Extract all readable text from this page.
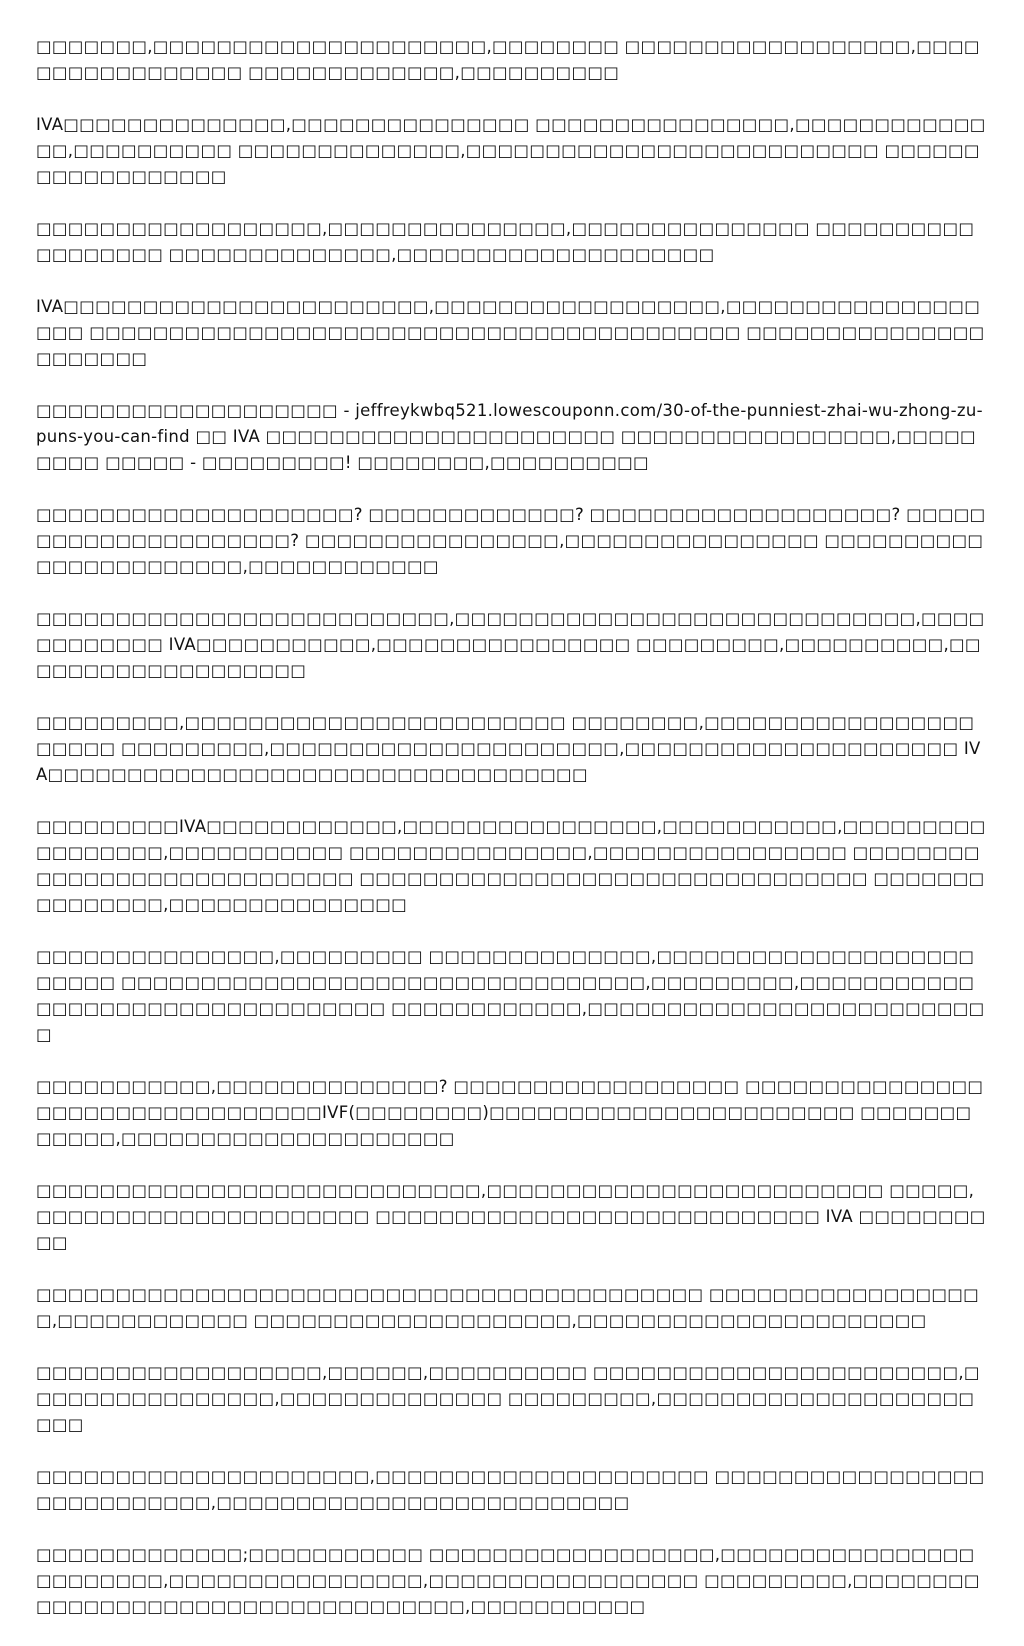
□□□□□□□,□□□□□□□□□□□□□□□□□□□□□,□□□□□□□□ □□□□□□□□□□□□□□□□□□,□□□□□□□□□□□□□□□□□ □□□□□□□□□□□□□,□□□□□□□□□□

IVA□□□□□□□□□□□□□□,□□□□□□□□□□□□□□□ □□□□□□□□□□□□□□□□,□□□□□□□□□□□□□□,□□□□□□□□□□ □□□□□□□□□□□□□□,□□□□□□□□□□□□□□□□□□□□□□□□□□ □□□□□□□□□□□□□□□□□□

□□□□□□□□□□□□□□□□□□,□□□□□□□□□□□□□□□,□□□□□□□□□□□□□□□ □□□□□□□□□□□□□□□□□□ □□□□□□□□□□□□□□,□□□□□□□□□□□□□□□□□□□□

IVA□□□□□□□□□□□□□□□□□□□□□□□,□□□□□□□□□□□□□□□□□□,□□□□□□□□□□□□□□□□□□□ □□□□□□□□□□□□□□□□□□□□□□□□□□□□□□□□□□□□□□□□□ □□□□□□□□□□□□□□□□□□□□□□

□□□□□□□□□□□□□□□□□□□ - jeffreykwbq521.lowescouponn.com/30-of-the-punniest-zhai-wu-zhong-zu-puns-you-can-find □□ IVA □□□□□□□□□□□□□□□□□□□□□□ □□□□□□□□□□□□□□□□□,□□□□□□□□□ □□□□□ - □□□□□□□□□! □□□□□□□□,□□□□□□□□□□

□□□□□□□□□□□□□□□□□□□□? □□□□□□□□□□□□□? □□□□□□□□□□□□□□□□□□□? □□□□□□□□□□□□□□□□□□□□□? □□□□□□□□□□□□□□□□,□□□□□□□□□□□□□□□□ □□□□□□□□□□□□□□□□□□□□□□□,□□□□□□□□□□□□

□□□□□□□□□□□□□□□□□□□□□□□□□□,□□□□□□□□□□□□□□□□□□□□□□□□□□□□□,□□□□□□□□□□□□ IVA□□□□□□□□□□□,□□□□□□□□□□□□□□□□ □□□□□□□□□,□□□□□□□□□□,□□□□□□□□□□□□□□□□□□□

□□□□□□□□□,□□□□□□□□□□□□□□□□□□□□□□□□ □□□□□□□□,□□□□□□□□□□□□□□□□□□□□□□ □□□□□□□□□,□□□□□□□□□□□□□□□□□□□□□□,□□□□□□□□□□□□□□□□□□□□□ IVA□□□□□□□□□□□□□□□□□□□□□□□□□□□□□□□□□□

□□□□□□□□□IVA□□□□□□□□□□□□,□□□□□□□□□□□□□□□□,□□□□□□□□□□□,□□□□□□□□□□□□□□□□□,□□□□□□□□□□□ □□□□□□□□□□□□□□□,□□□□□□□□□□□□□□□□ □□□□□□□□□□□□□□□□□□□□□□□□□□□□ □□□□□□□□□□□□□□□□□□□□□□□□□□□□□□□□ □□□□□□□□□□□□□□□,□□□□□□□□□□□□□□□

□□□□□□□□□□□□□□□,□□□□□□□□□ □□□□□□□□□□□□□□,□□□□□□□□□□□□□□□□□□□□□□□□□ □□□□□□□□□□□□□□□□□□□□□□□□□□□□□□□□□,□□□□□□□□□,□□□□□□□□□□□ □□□□□□□□□□□□□□□□□□□□□□ □□□□□□□□□□□□,□□□□□□□□□□□□□□□□□□□□□□□□□□

□□□□□□□□□□□,□□□□□□□□□□□□□□? □□□□□□□□□□□□□□□□□□ □□□□□□□□□□□□□□□□□□□□□□□□□□□□□□□□□IVF(□□□□□□□□)□□□□□□□□□□□□□□□□□□□□□□□ □□□□□□□□□□□□,□□□□□□□□□□□□□□□□□□□□□

□□□□□□□□□□□□□□□□□□□□□□□□□□□□,□□□□□□□□□□□□□□□□□□□□□□□□□ □□□□□,□□□□□□□□□□□□□□□□□□□□□ □□□□□□□□□□□□□□□□□□□□□□□□□□□□ IVA □□□□□□□□□□

□□□□□□□□□□□□□□□□□□□□□□□□□□□□□□□□□□□□□□□□□□ □□□□□□□□□□□□□□□□□□,□□□□□□□□□□□□ □□□□□□□□□□□□□□□□□□□□,□□□□□□□□□□□□□□□□□□□□□□

□□□□□□□□□□□□□□□□□□,□□□□□□,□□□□□□□□□□ □□□□□□□□□□□□□□□□□□□□□□□,□□□□□□□□□□□□□□□□,□□□□□□□□□□□□□□ □□□□□□□□□,□□□□□□□□□□□□□□□□□□□□□□□

□□□□□□□□□□□□□□□□□□□□□,□□□□□□□□□□□□□□□□□□□□□ □□□□□□□□□□□□□□□□□□□□□□□□□□□□,□□□□□□□□□□□□□□□□□□□□□□□□□□

□□□□□□□□□□□□□;□□□□□□□□□□□ □□□□□□□□□□□□□□□□□□,□□□□□□□□□□□□□□□□□□□□□□□□,□□□□□□□□□□□□□□□□,□□□□□□□□□□□□□□□□□ □□□□□□□□□,□□□□□□□□□□□□□□□□□□□□□□□□□□□□□□□□□□□,□□□□□□□□□□□
